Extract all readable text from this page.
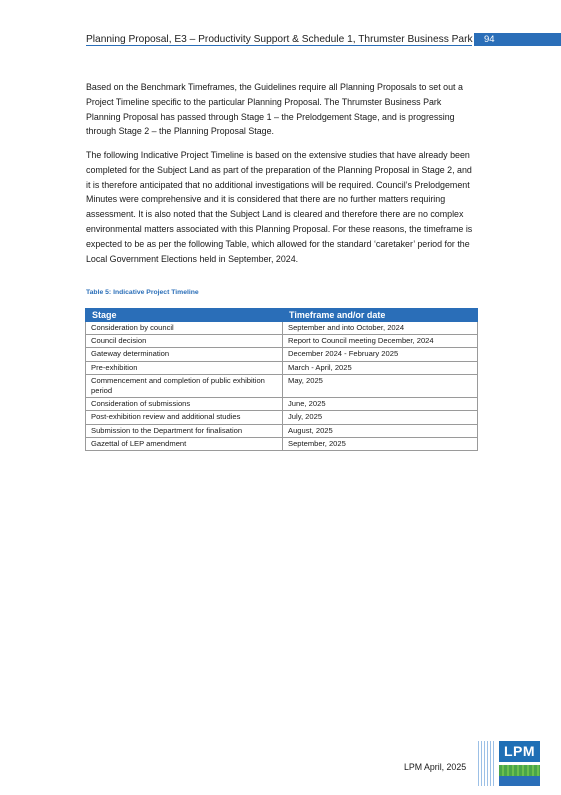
Planning Proposal, E3 – Productivity Support & Schedule 1, Thrumster Business Park	94

Based on the Benchmark Timeframes, the Guidelines require all Planning Proposals to set out a Project Timeline specific to the particular Planning Proposal. The Thrumster Business Park Planning Proposal has passed through Stage 1 – the Prelodgement Stage, and is progressing through Stage 2 – the Planning Proposal Stage.

The following Indicative Project Timeline is based on the extensive studies that have already been completed for the Subject Land as part of the preparation of the Planning Proposal in Stage 2, and it is therefore anticipated that no additional investigations will be required. Council’s Prelodgement Minutes were comprehensive and it is considered that there are no further matters requiring assessment. It is also noted that the Subject Land is cleared and therefore there are no complex environmental matters associated with this Planning Proposal. For these reasons, the timeframe is expected to be as per the following Table, which allowed for the standard ‘caretaker’ period for the Local Government Elections held in September, 2024.

Table 5: Indicative Project Timeline
Stage	Timeframe and/or date
Consideration by council	September and into October, 2024
Council decision	Report to Council meeting December, 2024
Gateway determination	December 2024 - February 2025
Pre-exhibition	March - April, 2025
Commencement and completion of public exhibition period	May, 2025
Consideration of submissions	June, 2025
Post-exhibition review and additional studies	July, 2025
Submission to the Department for finalisation	August, 2025
Gazettal of LEP amendment	September, 2025
LPM April, 2025
LPM
